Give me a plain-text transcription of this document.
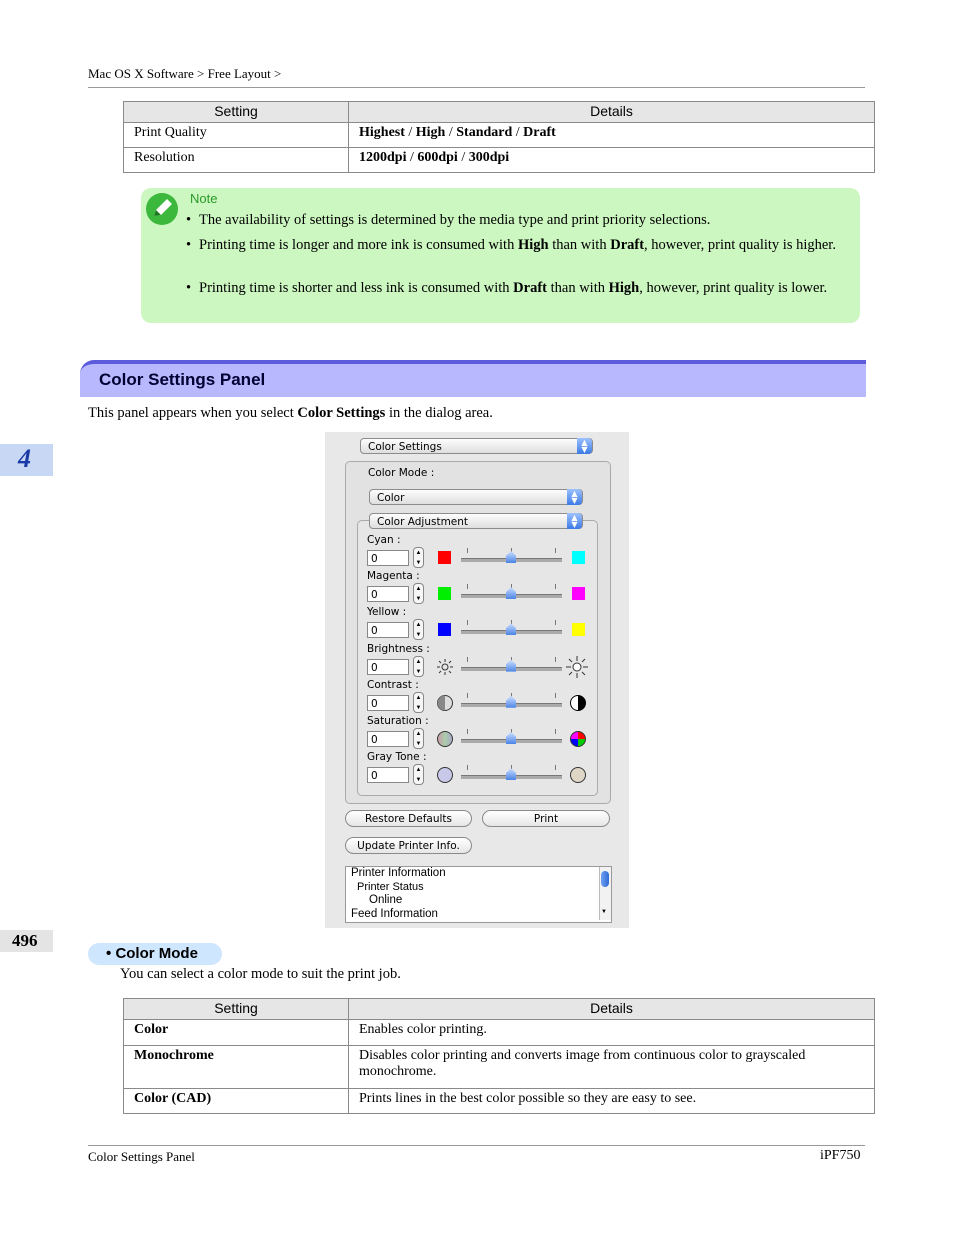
Mac OS X Software > Free Layout >
Setting	Details
Print Quality	Highest / High / Standard / Draft
Resolution	1200dpi / 600dpi / 300dpi
Note
• The availability of settings is determined by the media type and print priority selections.
• Printing time is longer and more ink is consumed with High than with Draft, however, print quality is higher.
• Printing time is shorter and less ink is consumed with Draft than with High, however, print quality is lower.
Color Settings Panel
This panel appears when you select Color Settings in the dialog area.
4
496
Color Settings	▲
▼
Color Mode :
Color	▲
▼
Color Adjustment	▲
▼
Cyan :
0	▲
▼
Magenta :
0	▲
▼
Yellow :
0	▲
▼
Brightness :
0	▲
▼
Contrast :
0	▲
▼
Saturation :
0	▲
▼
Gray Tone :
0	▲
▼
Restore Defaults	Print
Update Printer Info.
Printer Information
Printer Status
Online
Feed Information	▼
• Color Mode
You can select a color mode to suit the print job.
Setting	Details
Color	Enables color printing.
Monochrome	Disables color printing and converts image from continuous color to grayscaled monochrome.
Color (CAD)	Prints lines in the best color possible so they are easy to see.
Color Settings Panel	iPF750
